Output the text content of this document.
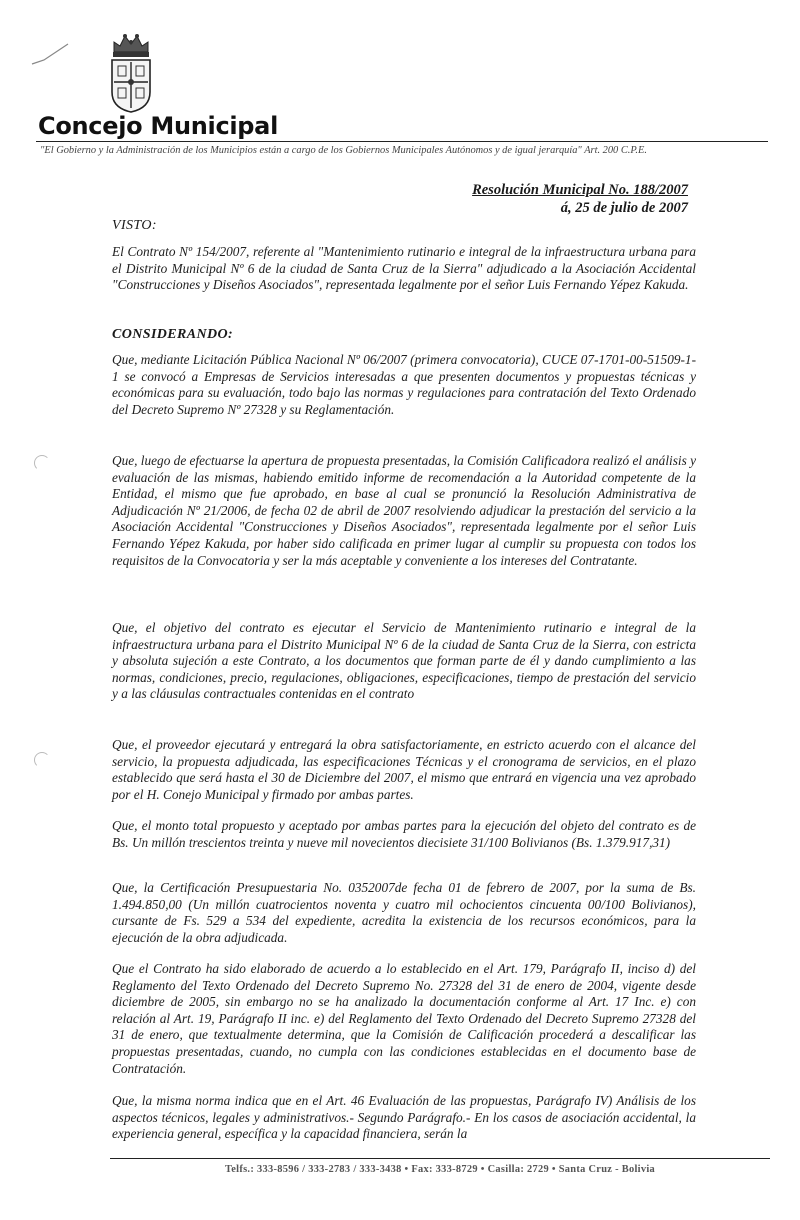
Concejo Municipal
"El Gobierno y la Administración de los Municipios están a cargo de los Gobiernos Municipales Autónomos y de igual jerarquía" Art. 200 C.P.E.
Resolución Municipal No. 188/2007
á, 25 de julio de 2007
VISTO:
El Contrato Nº 154/2007, referente al "Mantenimiento rutinario e integral de la infraestructura urbana para el Distrito Municipal Nº 6 de la ciudad de Santa Cruz de la Sierra" adjudicado a la Asociación Accidental "Construcciones y Diseños Asociados", representada legalmente por el señor Luis Fernando Yépez Kakuda.
CONSIDERANDO:
Que, mediante Licitación Pública Nacional Nº 06/2007 (primera convocatoria), CUCE 07-1701-00-51509-1-1 se convocó a Empresas de Servicios interesadas a que presenten documentos y propuestas técnicas y económicas para su evaluación, todo bajo las normas y regulaciones para contratación del Texto Ordenado del Decreto Supremo Nº 27328 y su Reglamentación.
Que, luego de efectuarse la apertura de propuesta presentadas, la Comisión Calificadora realizó el análisis y evaluación de las mismas, habiendo emitido informe de recomendación a la Autoridad competente de la Entidad, el mismo que fue aprobado, en base al cual se pronunció la Resolución Administrativa de Adjudicación Nº 21/2006, de fecha 02 de abril de 2007 resolviendo adjudicar la prestación del servicio a la Asociación Accidental "Construcciones y Diseños Asociados", representada legalmente por el señor Luis Fernando Yépez Kakuda, por haber sido calificada en primer lugar al cumplir su propuesta con todos los requisitos de la Convocatoria y ser la más aceptable y conveniente a los intereses del Contratante.
Que, el objetivo del contrato es ejecutar el Servicio de Mantenimiento rutinario e integral de la infraestructura urbana para el Distrito Municipal Nº 6 de la ciudad de Santa Cruz de la Sierra, con estricta y absoluta sujeción a este Contrato, a los documentos que forman parte de él y dando cumplimiento a las normas, condiciones, precio, regulaciones, obligaciones, especificaciones, tiempo de prestación del servicio y a las cláusulas contractuales contenidas en el contrato
Que, el proveedor ejecutará y entregará la obra satisfactoriamente, en estricto acuerdo con el alcance del servicio, la propuesta adjudicada, las especificaciones Técnicas y el cronograma de servicios, en el plazo establecido que será hasta el 30 de Diciembre del 2007, el mismo que entrará en vigencia una vez aprobado por el H. Conejo Municipal y firmado por ambas partes.
Que, el monto total propuesto y aceptado por ambas partes para la ejecución del objeto del contrato es de Bs. Un millón trescientos treinta y nueve mil novecientos diecisiete 31/100 Bolivianos (Bs. 1.379.917,31)
Que, la Certificación Presupuestaria No. 0352007de fecha 01 de febrero de 2007, por la suma de Bs. 1.494.850,00 (Un millón cuatrocientos noventa y cuatro mil ochocientos cincuenta 00/100 Bolivianos), cursante de Fs. 529 a 534 del expediente, acredita la existencia de los recursos económicos, para la ejecución de la obra adjudicada.
Que el Contrato ha sido elaborado de acuerdo a lo establecido en el Art. 179, Parágrafo II, inciso d) del Reglamento del Texto Ordenado del Decreto Supremo No. 27328 del 31 de enero de 2004, vigente desde diciembre de 2005, sin embargo no se ha analizado la documentación conforme al Art. 17 Inc. e) con relación al Art. 19, Parágrafo II inc. e) del Reglamento del Texto Ordenado del Decreto Supremo 27328 del 31 de enero, que textualmente determina, que la Comisión de Calificación procederá a descalificar las propuestas presentadas, cuando, no cumpla con las condiciones establecidas en el documento base de Contratación.
Que, la misma norma indica que en el Art. 46 Evaluación de las propuestas, Parágrafo IV) Análisis de los aspectos técnicos, legales y administrativos.- Segundo Parágrafo.- En los casos de asociación accidental, la experiencia general, específica y la capacidad financiera, serán la
Telfs.: 333-8596 / 333-2783 / 333-3438 • Fax: 333-8729 • Casilla: 2729 • Santa Cruz - Bolivia
